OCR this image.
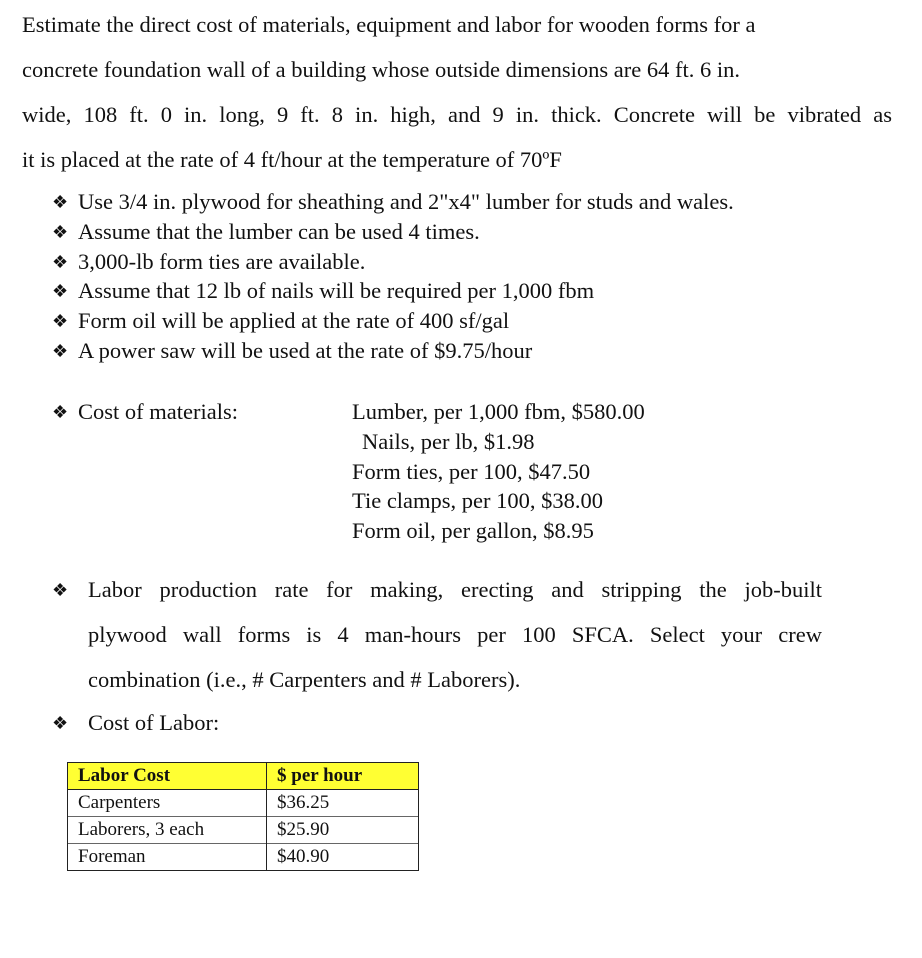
Estimate the direct cost of materials, equipment and labor for wooden forms for a
concrete foundation wall of a building whose outside dimensions are 64 ft. 6 in.
wide, 108 ft. 0 in. long, 9 ft. 8 in. high, and 9 in. thick. Concrete will be vibrated as
it is placed at the rate of 4 ft/hour at the temperature of 70ºF
❖ Use 3/4 in. plywood for sheathing and 2"x4" lumber for studs and wales.
❖ Assume that the lumber can be used 4 times.
❖ 3,000-lb form ties are available.
❖ Assume that 12 lb of nails will be required per 1,000 fbm
❖ Form oil will be applied at the rate of 400 sf/gal
❖ A power saw will be used at the rate of $9.75/hour
❖ Cost of materials:	Lumber, per 1,000 fbm, $580.00
Nails, per lb, $1.98
Form ties, per 100, $47.50
Tie clamps, per 100, $38.00
Form oil, per gallon, $8.95
❖ Labor production rate for making, erecting and stripping the job-built
plywood wall forms is 4 man-hours per 100 SFCA. Select your crew
combination (i.e., # Carpenters and # Laborers).
❖ Cost of Labor:
Labor Cost	$ per hour
Carpenters	$36.25
Laborers, 3 each	$25.90
Foreman	$40.90
